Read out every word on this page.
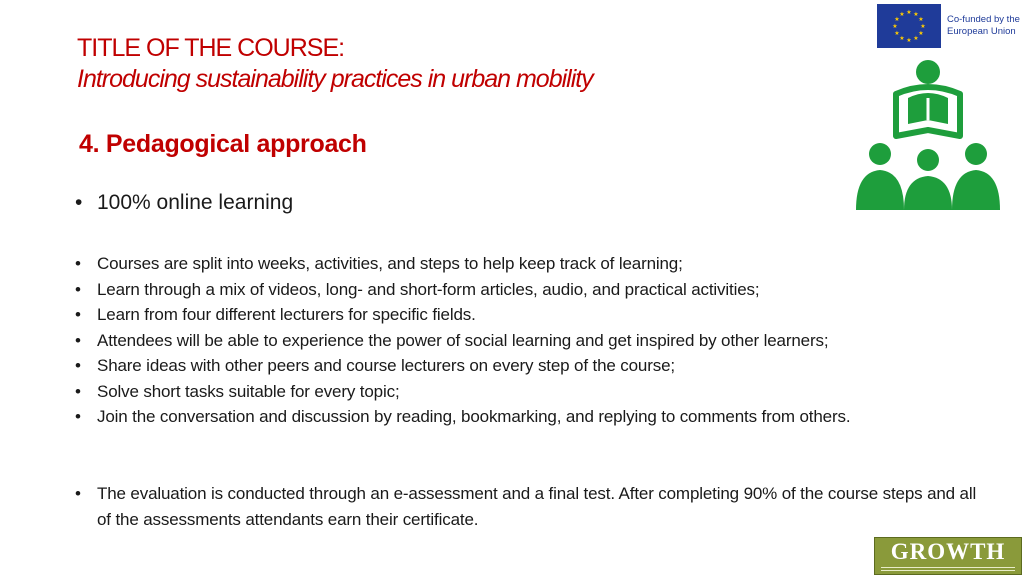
TITLE OF THE COURSE:
Introducing sustainability practices in urban mobility
4. Pedagogical approach
• 100% online learning
• Courses are split into weeks, activities, and steps to help keep track of learning;
• Learn through a mix of videos, long- and short-form articles, audio, and practical activities;
• Learn from four different lecturers for specific fields.
• Attendees will be able to experience the power of social learning and get inspired by other learners;
• Share ideas with other peers and course lecturers on every step of the course;
• Solve short tasks suitable for every topic;
• Join the conversation and discussion by reading, bookmarking, and replying to comments from others.
• The evaluation is conducted through an e-assessment and a final test. After completing 90% of the course steps and all of the assessments attendants earn their certificate.
★ ★
★
★
★
★
★
★
★
★
★
★	Co-funded by the
European Union
GROWTH
